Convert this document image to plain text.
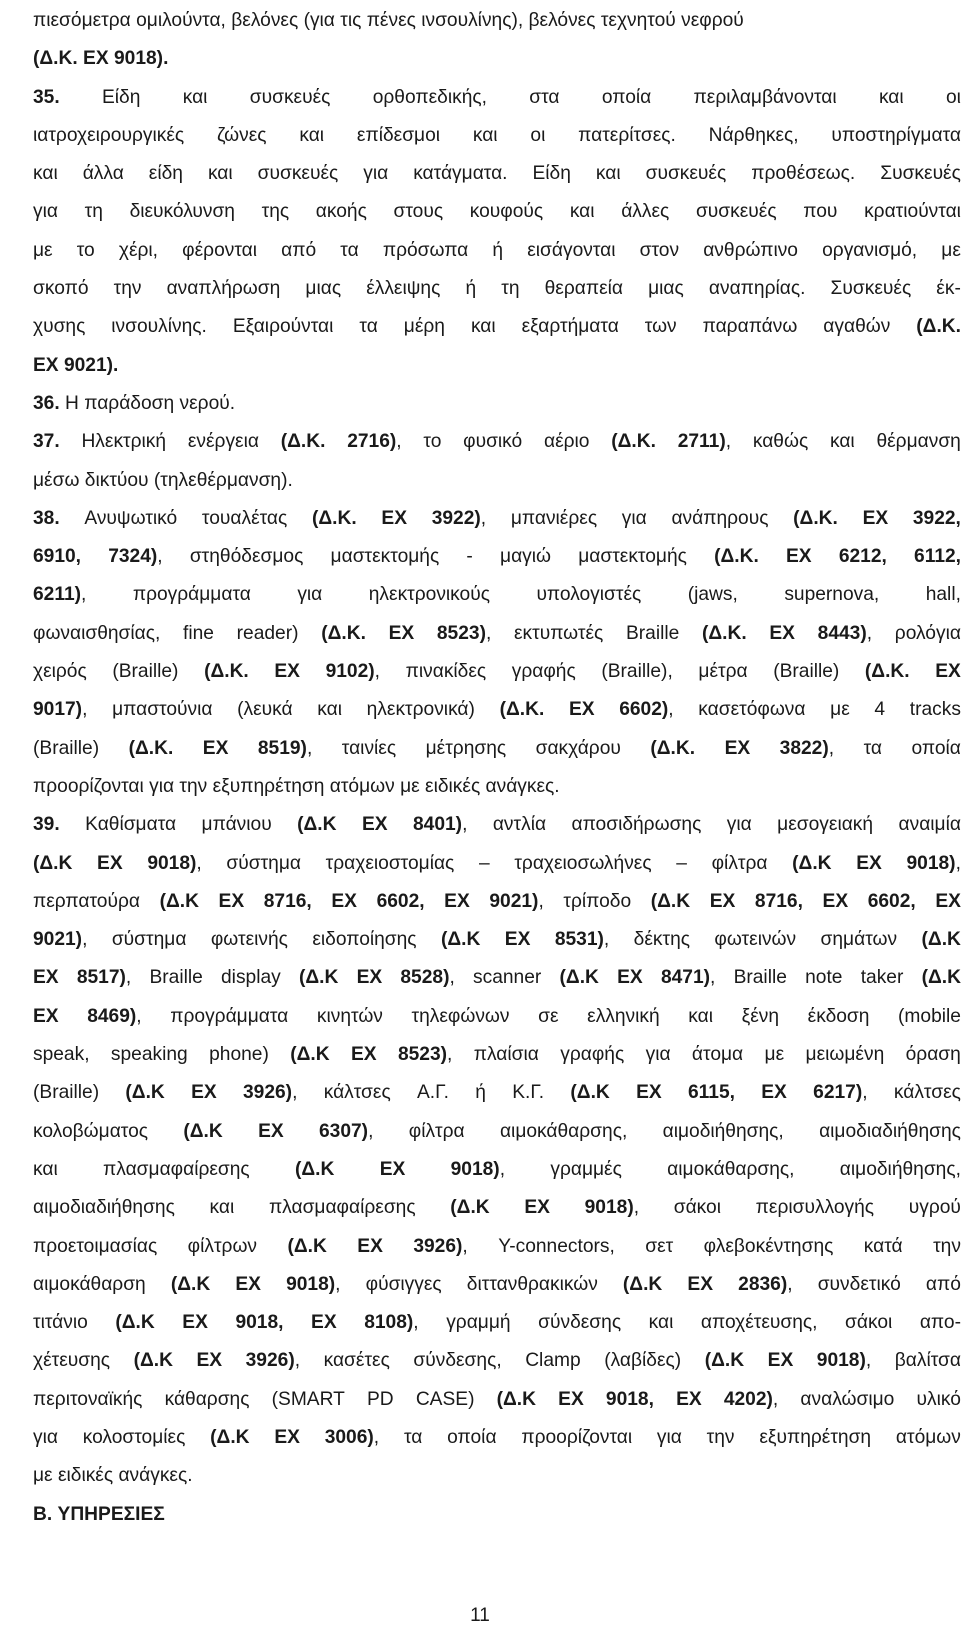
πιεσόμετρα ομιλούντα, βελόνες (για τις πένες ινσουλίνης), βελόνες τεχνητού νεφρού
(Δ.Κ. ΕΧ 9018).
35. Είδη και συσκευές ορθοπεδικής, στα οποία περιλαμβάνονται και οι
ιατροχειρουργικές ζώνες και επίδεσμοι και οι πατερίτσες. Νάρθηκες, υποστηρίγματα
και άλλα είδη και συσκευές για κατάγματα. Είδη και συσκευές προθέσεως. Συσκευές
για τη διευκόλυνση της ακοής στους κουφούς και άλλες συσκευές που κρατιούνται
με το χέρι, φέρονται από τα πρόσωπα ή εισάγονται στον ανθρώπινο οργανισμό, με
σκοπό την αναπλήρωση μιας έλλειψης ή τη θεραπεία μιας αναπηρίας. Συσκευές έκ-
χυσης ινσουλίνης. Εξαιρούνται τα μέρη και εξαρτήματα των παραπάνω αγαθών (Δ.Κ.
ΕΧ 9021).
36. Η παράδοση νερού.
37. Ηλεκτρική ενέργεια (Δ.Κ. 2716), το φυσικό αέριο (Δ.Κ. 2711), καθώς και θέρμανση
μέσω δικτύου (τηλεθέρμανση).
38. Ανυψωτικό τουαλέτας (Δ.Κ. ΕΧ 3922), μπανιέρες για ανάπηρους (Δ.Κ. ΕΧ 3922,
6910, 7324), στηθόδεσμος μαστεκτομής - μαγιώ μαστεκτομής (Δ.Κ. ΕΧ 6212, 6112,
6211), προγράμματα για ηλεκτρονικούς υπολογιστές (jaws, supernova, hall,
φωναισθησίας, fine reader) (Δ.Κ. ΕΧ 8523), εκτυπωτές Braille (Δ.Κ. ΕΧ 8443), ρολόγια
χειρός (Braille) (Δ.Κ. ΕΧ 9102), πινακίδες γραφής (Braille), μέτρα (Braille) (Δ.Κ. ΕΧ
9017), μπαστούνια (λευκά και ηλεκτρονικά) (Δ.Κ. ΕΧ 6602), κασετόφωνα με 4 tracks
(Braille) (Δ.Κ. ΕΧ 8519), ταινίες μέτρησης σακχάρου (Δ.Κ. ΕΧ 3822), τα οποία
προορίζονται για την εξυπηρέτηση ατόμων με ειδικές ανάγκες.
39. Καθίσματα μπάνιου (Δ.Κ ΕΧ 8401), αντλία αποσιδήρωσης για μεσογειακή αναιμία
(Δ.Κ ΕΧ 9018), σύστημα τραχειοστομίας – τραχειοσωλήνες – φίλτρα (Δ.Κ ΕΧ 9018),
περπατούρα (Δ.Κ ΕΧ 8716, ΕΧ 6602, ΕΧ 9021), τρίποδο (Δ.Κ ΕΧ 8716, ΕΧ 6602, ΕΧ
9021), σύστημα φωτεινής ειδοποίησης (Δ.Κ ΕΧ 8531), δέκτης φωτεινών σημάτων (Δ.Κ
ΕΧ 8517), Braille display (Δ.Κ ΕΧ 8528), scanner (Δ.Κ ΕΧ 8471), Braille note taker (Δ.Κ
ΕΧ 8469), προγράμματα κινητών τηλεφώνων σε ελληνική και ξένη έκδοση (mobile
speak, speaking phone) (Δ.Κ ΕΧ 8523), πλαίσια γραφής για άτομα με μειωμένη όραση
(Braille) (Δ.Κ ΕΧ 3926), κάλτσες Α.Γ. ή Κ.Γ. (Δ.Κ ΕΧ 6115, ΕΧ 6217), κάλτσες
κολοβώματος (Δ.Κ ΕΧ 6307), φίλτρα αιμοκάθαρσης, αιμοδιήθησης, αιμοδιαδιήθησης
και πλασμαφαίρεσης (Δ.Κ ΕΧ 9018), γραμμές αιμοκάθαρσης, αιμοδιήθησης,
αιμοδιαδιήθησης και πλασμαφαίρεσης (Δ.Κ ΕΧ 9018), σάκοι περισυλλογής υγρού
προετοιμασίας φίλτρων (Δ.Κ ΕΧ 3926), Y-connectors, σετ φλεβοκέντησης κατά την
αιμοκάθαρση (Δ.Κ ΕΧ 9018), φύσιγγες διττανθρακικών (Δ.Κ ΕΧ 2836), συνδετικό από
τιτάνιο (Δ.Κ ΕΧ 9018, ΕΧ 8108), γραμμή σύνδεσης και αποχέτευσης, σάκοι απο-
χέτευσης (Δ.Κ ΕΧ 3926), κασέτες σύνδεσης, Clamp (λαβίδες) (Δ.Κ ΕΧ 9018), βαλίτσα
περιτοναϊκής κάθαρσης (SMART PD CASE) (Δ.Κ ΕΧ 9018, ΕΧ 4202), αναλώσιμο υλικό
για κολοστομίες (Δ.Κ ΕΧ 3006), τα οποία προορίζονται για την εξυπηρέτηση ατόμων
με ειδικές ανάγκες.
Β. ΥΠΗΡΕΣΙΕΣ
11
